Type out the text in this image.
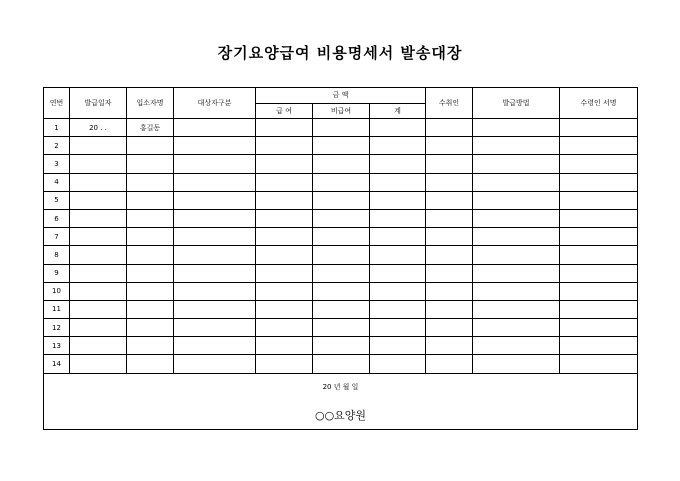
장기요양급여 비용명세서 발송대장
연번	발급일자	입소자명	대상자구분	금 액			수취인	발급방법	수령인 서명
				급 여	비급여	계			
1	20 . .	홍길동							
2									
3									
4									
5									
6									
7									
8									
9									
10									
11									
12									
13									
14									

20 년 월 일
○○요양원									
